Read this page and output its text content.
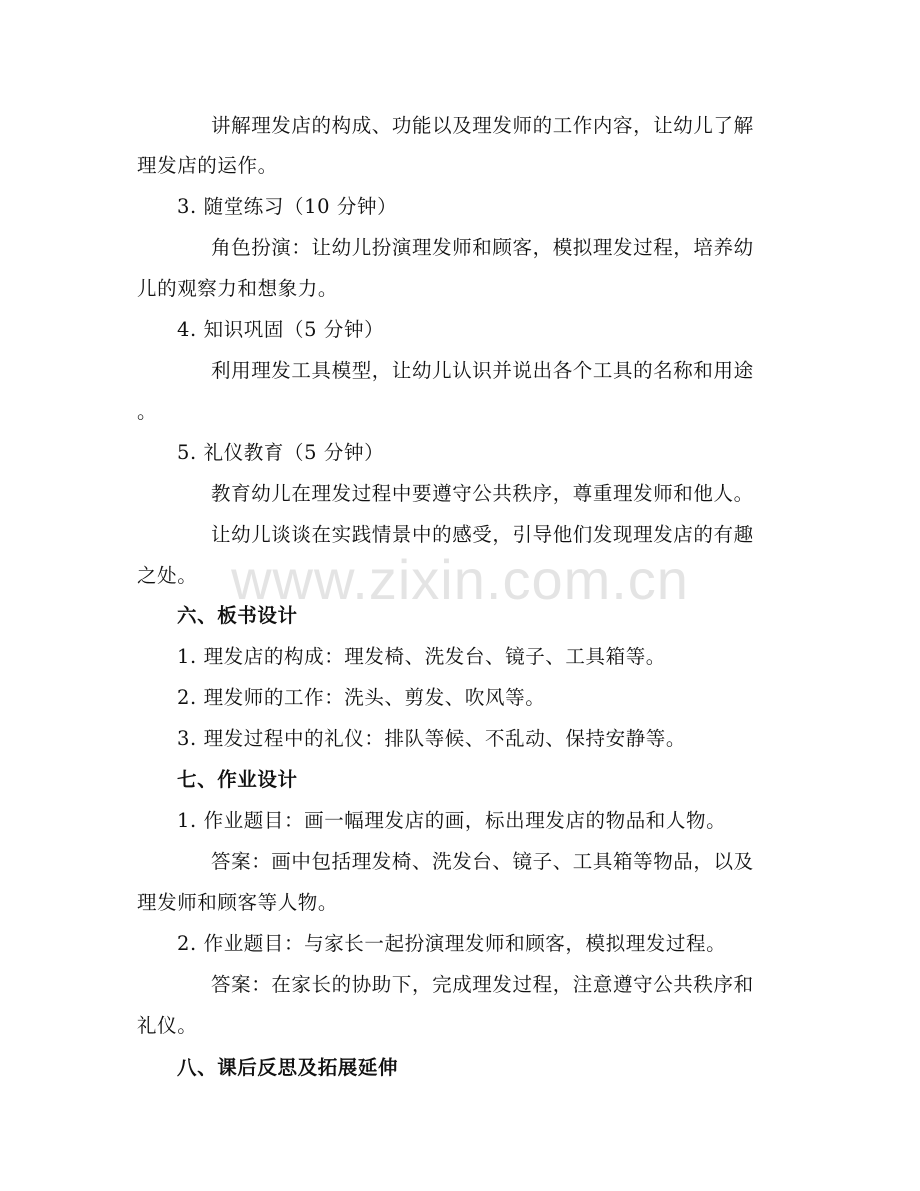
www.zixin.com.cn
讲解理发店的构成、功能以及理发师的工作内容，让幼儿了解
理发店的运作。
3. 随堂练习（10 分钟）
角色扮演：让幼儿扮演理发师和顾客，模拟理发过程，培养幼
儿的观察力和想象力。
4. 知识巩固（5 分钟）
利用理发工具模型，让幼儿认识并说出各个工具的名称和用途
。
5. 礼仪教育（5 分钟）
教育幼儿在理发过程中要遵守公共秩序，尊重理发师和他人。
让幼儿谈谈在实践情景中的感受，引导他们发现理发店的有趣
之处。
六、板书设计
1. 理发店的构成：理发椅、洗发台、镜子、工具箱等。
2. 理发师的工作：洗头、剪发、吹风等。
3. 理发过程中的礼仪：排队等候、不乱动、保持安静等。
七、作业设计
1. 作业题目：画一幅理发店的画，标出理发店的物品和人物。
答案：画中包括理发椅、洗发台、镜子、工具箱等物品，以及
理发师和顾客等人物。
2. 作业题目：与家长一起扮演理发师和顾客，模拟理发过程。
答案：在家长的协助下，完成理发过程，注意遵守公共秩序和
礼仪。
八、课后反思及拓展延伸
